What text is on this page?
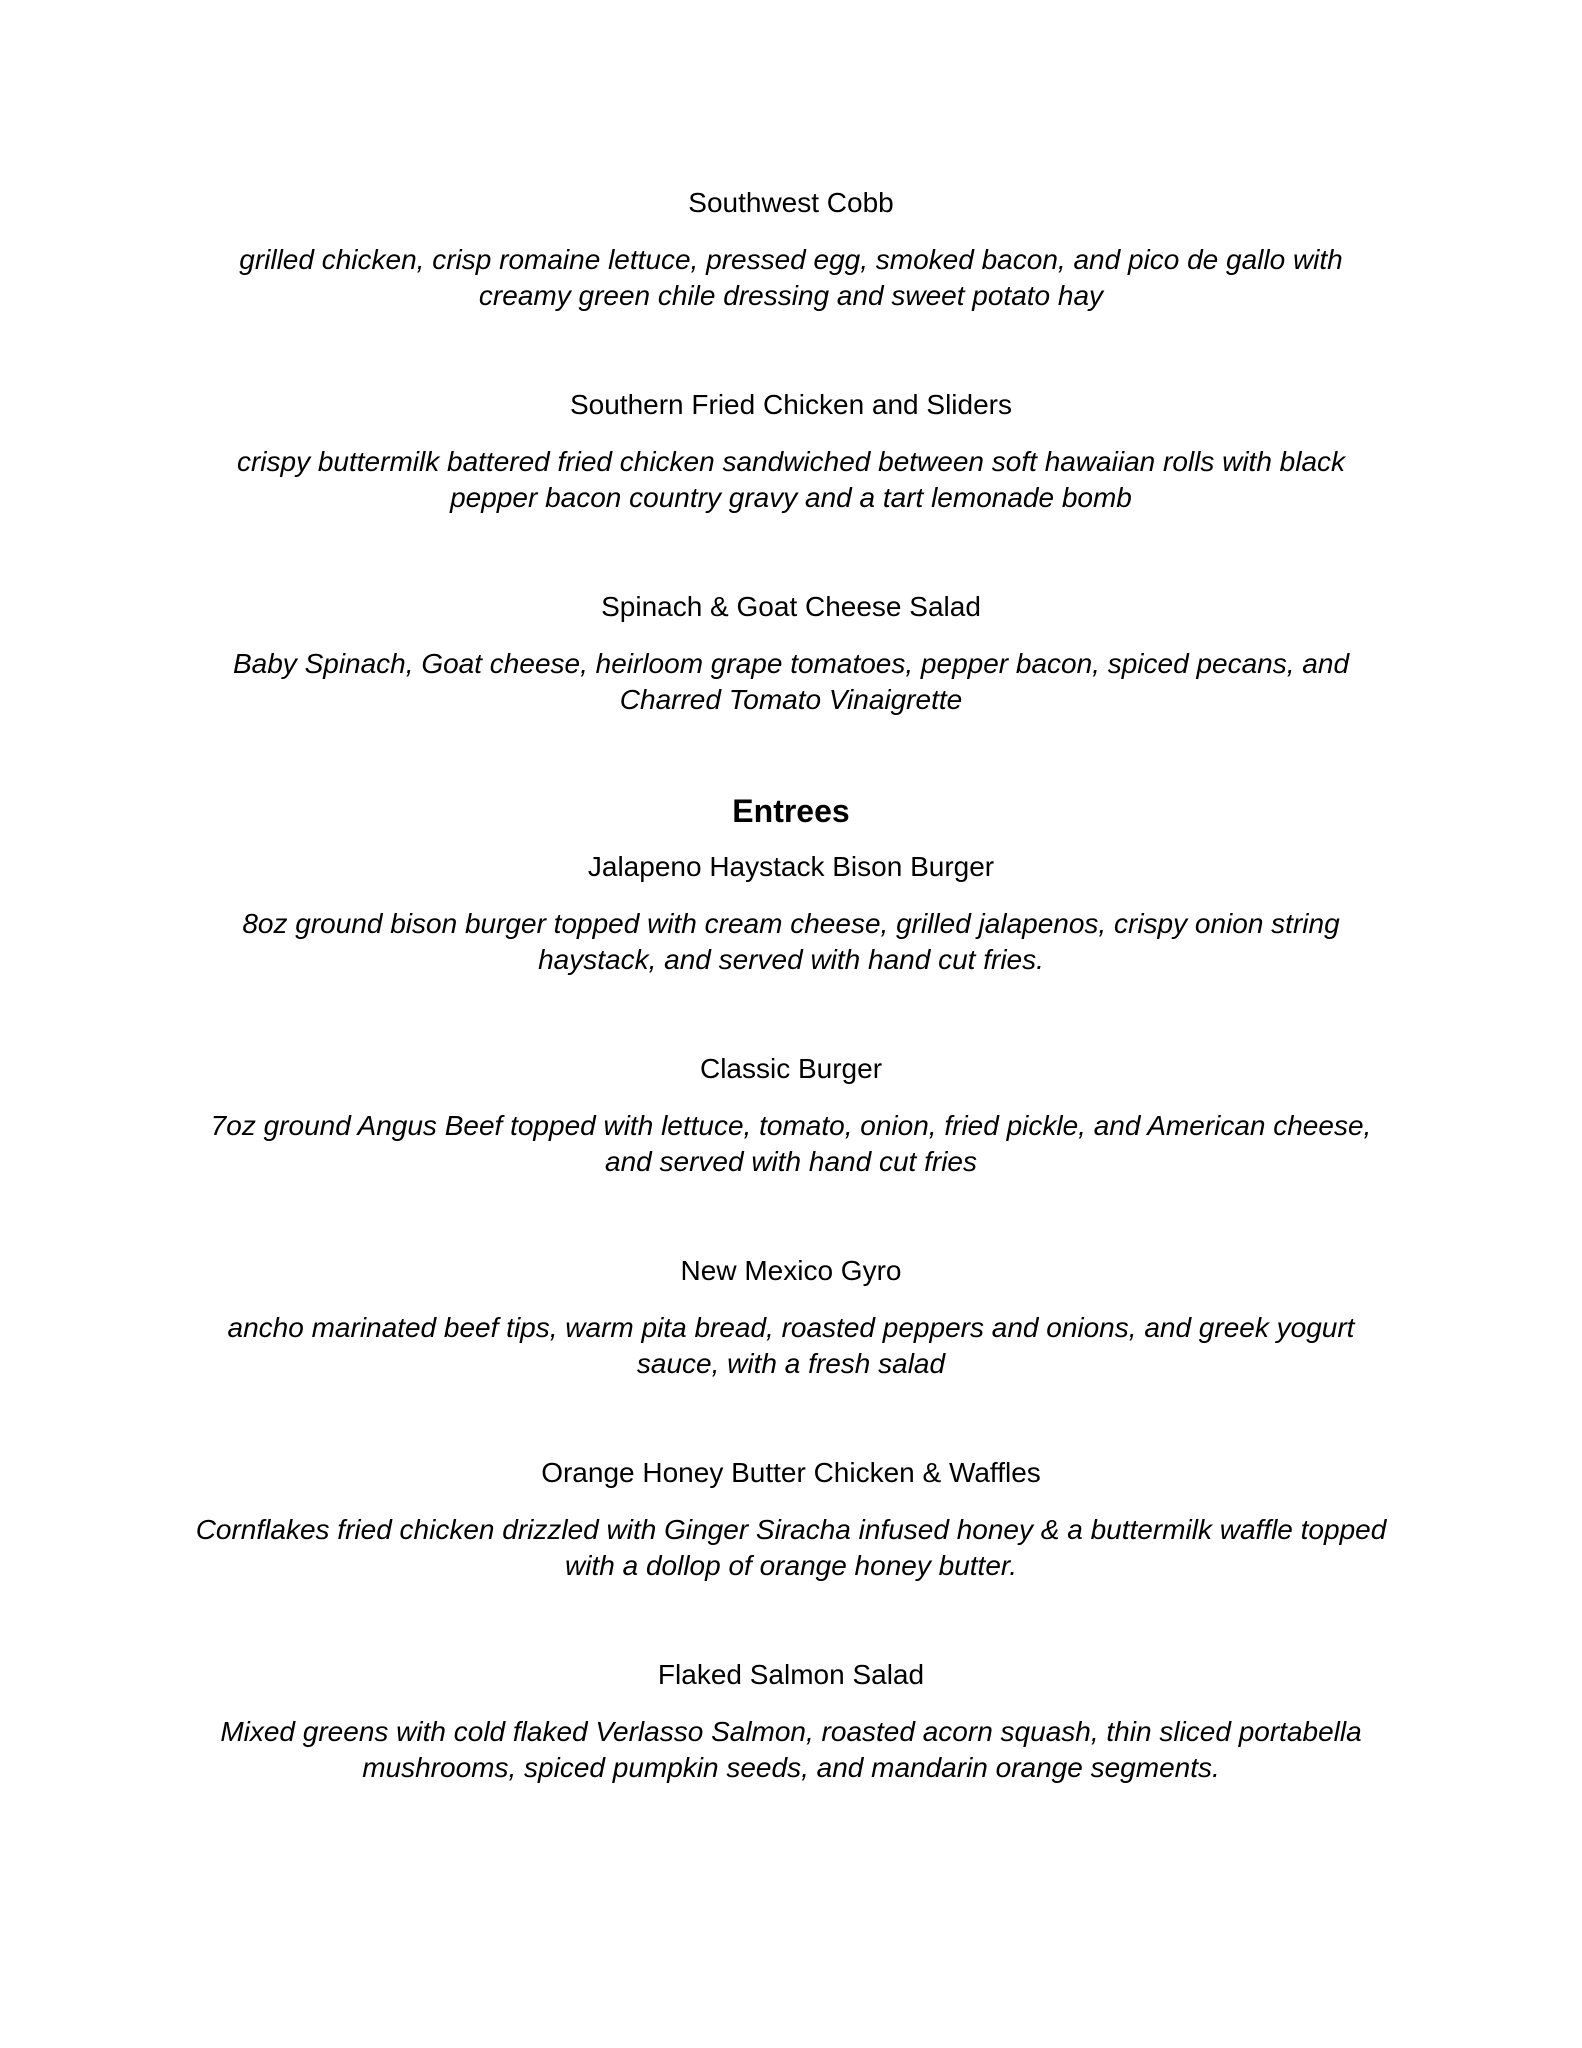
Southwest Cobb
grilled chicken, crisp romaine lettuce, pressed egg, smoked bacon, and pico de gallo with
creamy green chile dressing and sweet potato hay
Southern Fried Chicken and Sliders
crispy buttermilk battered fried chicken sandwiched between soft hawaiian rolls with black
pepper bacon country gravy and a tart lemonade bomb
Spinach & Goat Cheese Salad
Baby Spinach, Goat cheese, heirloom grape tomatoes, pepper bacon, spiced pecans, and
Charred Tomato Vinaigrette
Entrees
Jalapeno Haystack Bison Burger
8oz ground bison burger topped with cream cheese, grilled jalapenos, crispy onion string
haystack, and served with hand cut fries.
Classic Burger
7oz ground Angus Beef topped with lettuce, tomato, onion, fried pickle, and American cheese,
and served with hand cut fries
New Mexico Gyro
ancho marinated beef tips, warm pita bread, roasted peppers and onions, and greek yogurt
sauce, with a fresh salad
Orange Honey Butter Chicken & Waffles
Cornflakes fried chicken drizzled with Ginger Siracha infused honey & a buttermilk waffle topped
with a dollop of orange honey butter.
Flaked Salmon Salad
Mixed greens with cold flaked Verlasso Salmon, roasted acorn squash, thin sliced portabella
mushrooms, spiced pumpkin seeds, and mandarin orange segments.
